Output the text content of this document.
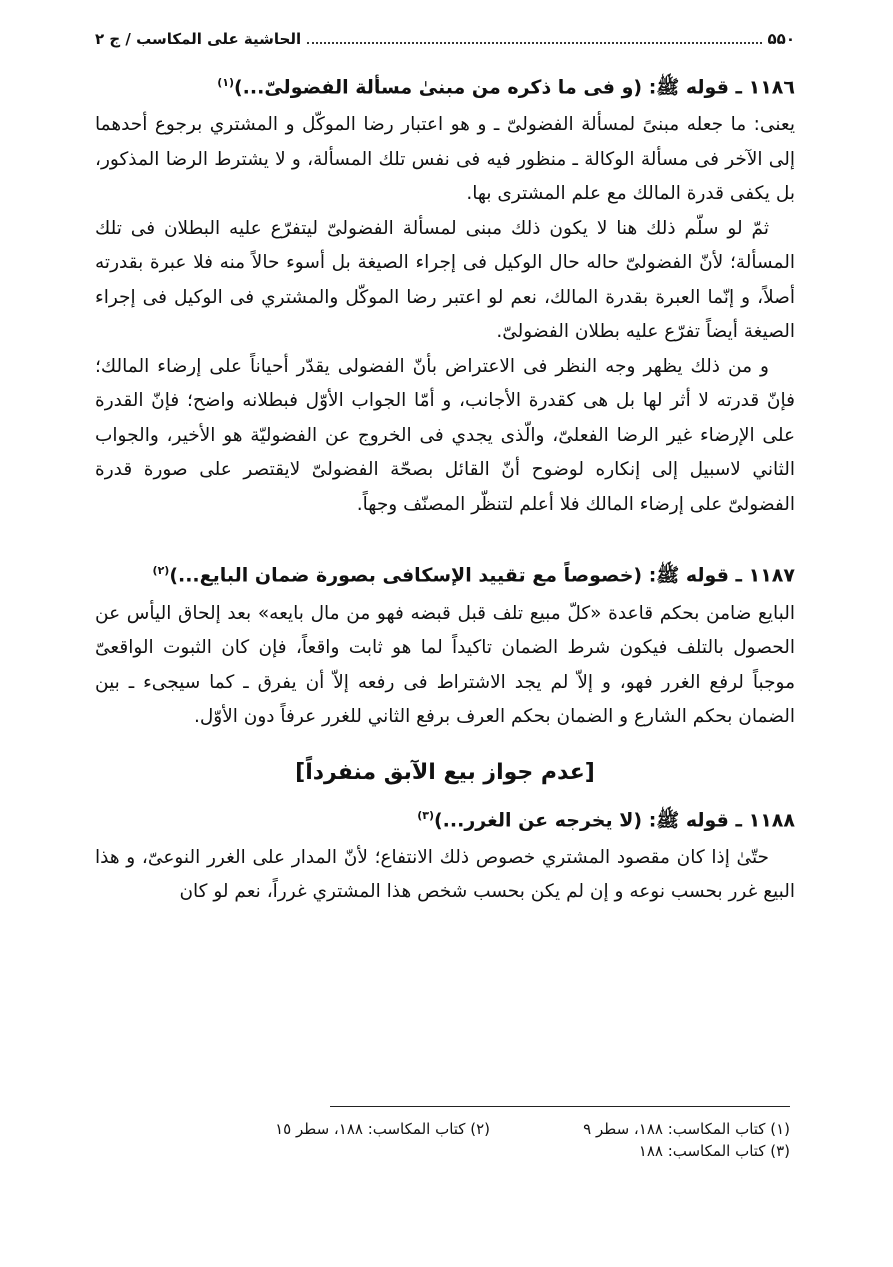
۵۵۰
الحاشية على المكاسب / ج ۲
١١٨٦ ـ قوله ﷺ: (و فى ما ذكره من مبنىٰ مسألة الفضولىّ...)$^{(١)}$

يعنى: ما جعله مبنىً لمسألة الفضولىّ ـ و هو اعتبار رضا الموكّل و المشتري برجوع أحدهما إلى الآخر فى مسألة الوكالة ـ منظور فيه فى نفس تلك المسألة، و لا يشترط الرضا المذكور، بل يكفى قدرة المالك مع علم المشترى بها.

ثمّ لو سلّم ذلك هنا لا يكون ذلك مبنى لمسألة الفضولىّ ليتفرّع عليه البطلان فى تلك المسألة؛ لأنّ الفضولىّ حاله حال الوكيل فى إجراء الصيغة بل أسوء حالاً منه فلا عبرة بقدرته أصلاً، و إنّما العبرة بقدرة المالك، نعم لو اعتبر رضا الموكّل والمشتري فى الوكيل فى إجراء الصيغة أيضاً تفرّع عليه بطلان الفضولىّ.

و من ذلك يظهر وجه النظر فى الاعتراض بأنّ الفضولى يقدّر أحياناً على إرضاء المالك؛ فإنّ قدرته لا أثر لها بل هى كقدرة الأجانب، و أمّا الجواب الأوّل فبطلانه واضح؛ فإنّ القدرة على الإرضاء غير الرضا الفعلىّ، والّذى يجدي فى الخروج عن الفضوليّة هو الأخير، والجواب الثاني لاسبيل إلى إنكاره لوضوح أنّ القائل بصحّة الفضولىّ لايقتصر على صورة قدرة الفضولىّ على إرضاء المالك فلا أعلم لتنظّر المصنّف وجهاً.

١١٨٧ ـ قوله ﷺ: (خصوصاً مع تقييد الإسكافى بصورة ضمان البايع...)$^{(٢)}$

البايع ضامن بحكم قاعدة «كلّ مبيع تلف قبل قبضه فهو من مال بايعه» بعد إلحاق اليأس عن الحصول بالتلف فيكون شرط الضمان تاكيداً لما هو ثابت واقعاً، فإن كان الثبوت الواقعىّ موجباً لرفع الغرر فهو، و إلاّ لم يجد الاشتراط فى رفعه إلاّ أن يفرق ـ كما سيجىء ـ بين الضمان بحكم الشارع و الضمان بحكم العرف برفع الثاني للغرر عرفاً دون الأوّل.

[عدم جواز بيع الآبق منفرداً]
١١٨٨ ـ قوله ﷺ: (لا يخرجه عن الغرر...)$^{(٣)}$

حتّىٰ إذا كان مقصود المشتري خصوص ذلك الانتفاع؛ لأنّ المدار على الغرر النوعىّ، و هذا البيع غرر بحسب نوعه و إن لم يكن بحسب شخص هذا المشتري غرراً، نعم لو كان

(١) كتاب المكاسب: ١٨٨، سطر ٩
(٢) كتاب المكاسب: ١٨٨، سطر ١٥
(٣) كتاب المكاسب: ١٨٨
